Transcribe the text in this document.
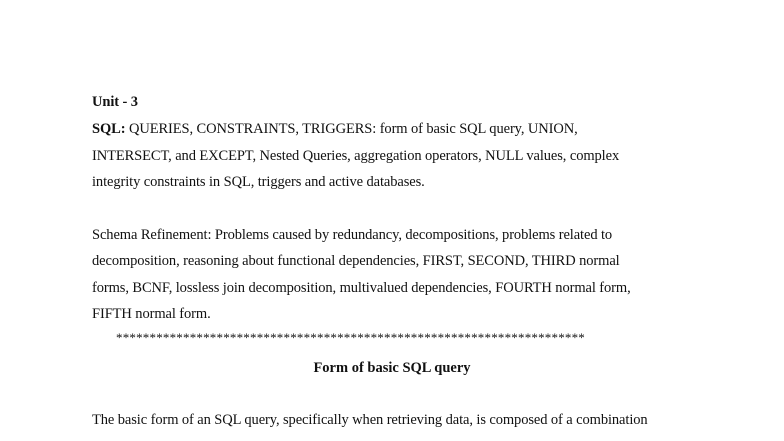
Unit - 3
SQL: QUERIES, CONSTRAINTS, TRIGGERS: form of basic SQL query, UNION,
INTERSECT, and EXCEPT, Nested Queries, aggregation operators, NULL values, complex
integrity constraints in SQL, triggers and active databases.
Schema Refinement: Problems caused by redundancy, decompositions, problems related to
decomposition, reasoning about functional dependencies, FIRST, SECOND, THIRD normal
forms, BCNF, lossless join decomposition, multivalued dependencies, FOURTH normal form,
FIFTH normal form.
**********************************************************************
Form of basic SQL query
The basic form of an SQL query, specifically when retrieving data, is composed of a combination
